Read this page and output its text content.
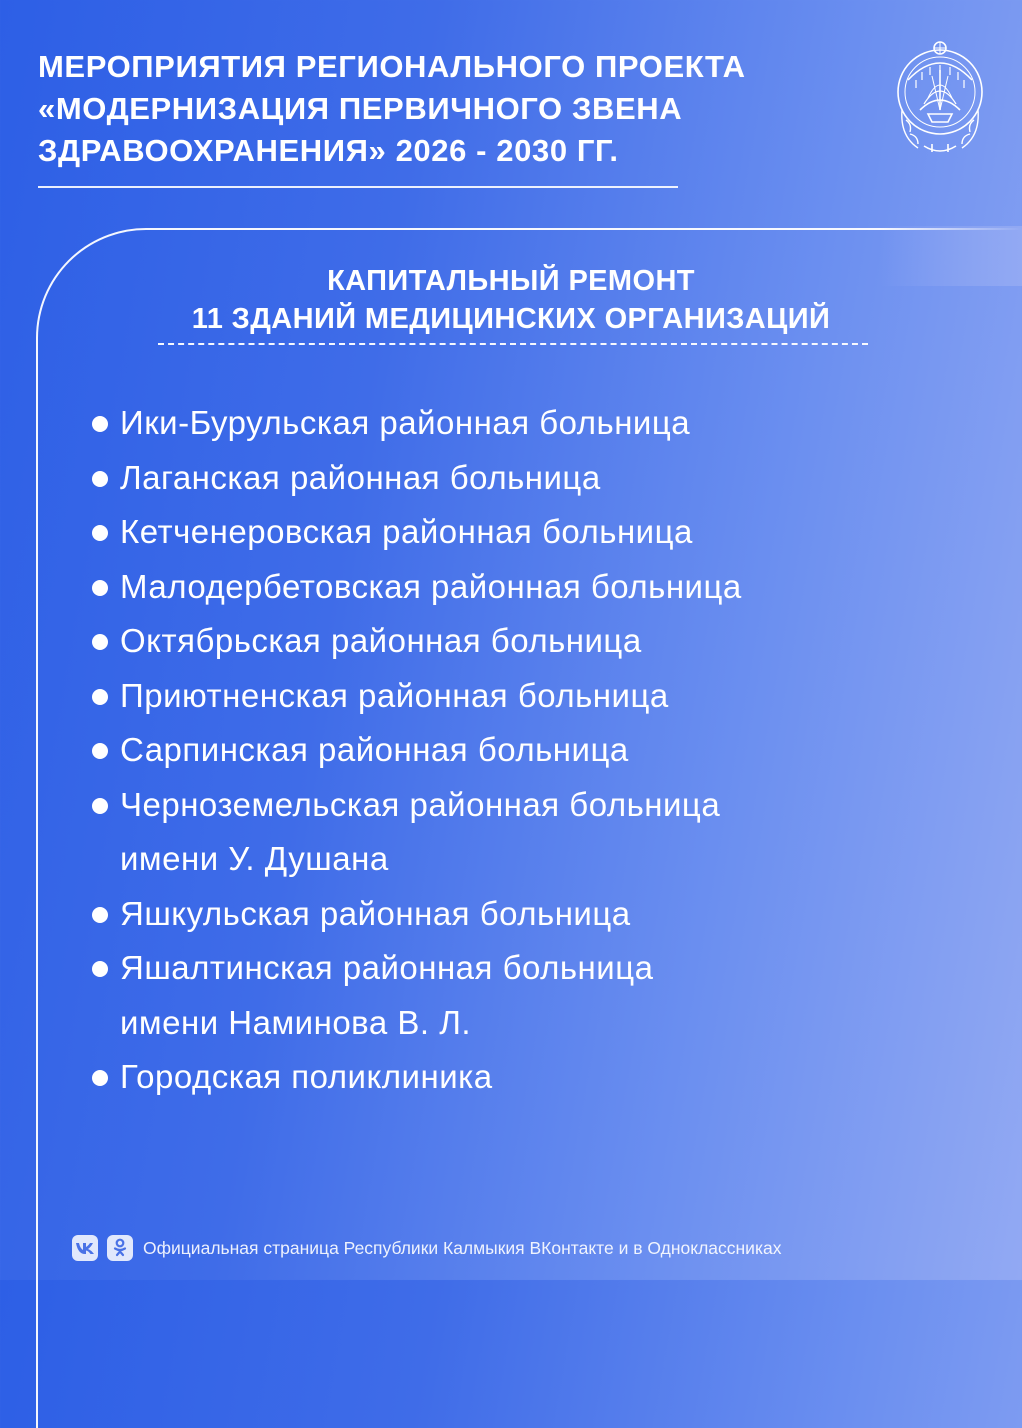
МЕРОПРИЯТИЯ РЕГИОНАЛЬНОГО ПРОЕКТА
«МОДЕРНИЗАЦИЯ ПЕРВИЧНОГО ЗВЕНА
ЗДРАВООХРАНЕНИЯ» 2026 - 2030 ГГ.
КАПИТАЛЬНЫЙ РЕМОНТ
11 ЗДАНИЙ МЕДИЦИНСКИХ ОРГАНИЗАЦИЙ
Ики-Бурульская районная больница
Лаганская районная больница
Кетченеровская районная больница
Малодербетовская районная больница
Октябрьская районная больница
Приютненская районная больница
Сарпинская районная больница
Черноземельская районная больница
имени У. Душана
Яшкульская районная больница
Яшалтинская районная больница
имени Наминова В. Л.
Городская поликлиника
Официальная страница Республики Калмыкия ВКонтакте и в Одноклассниках
